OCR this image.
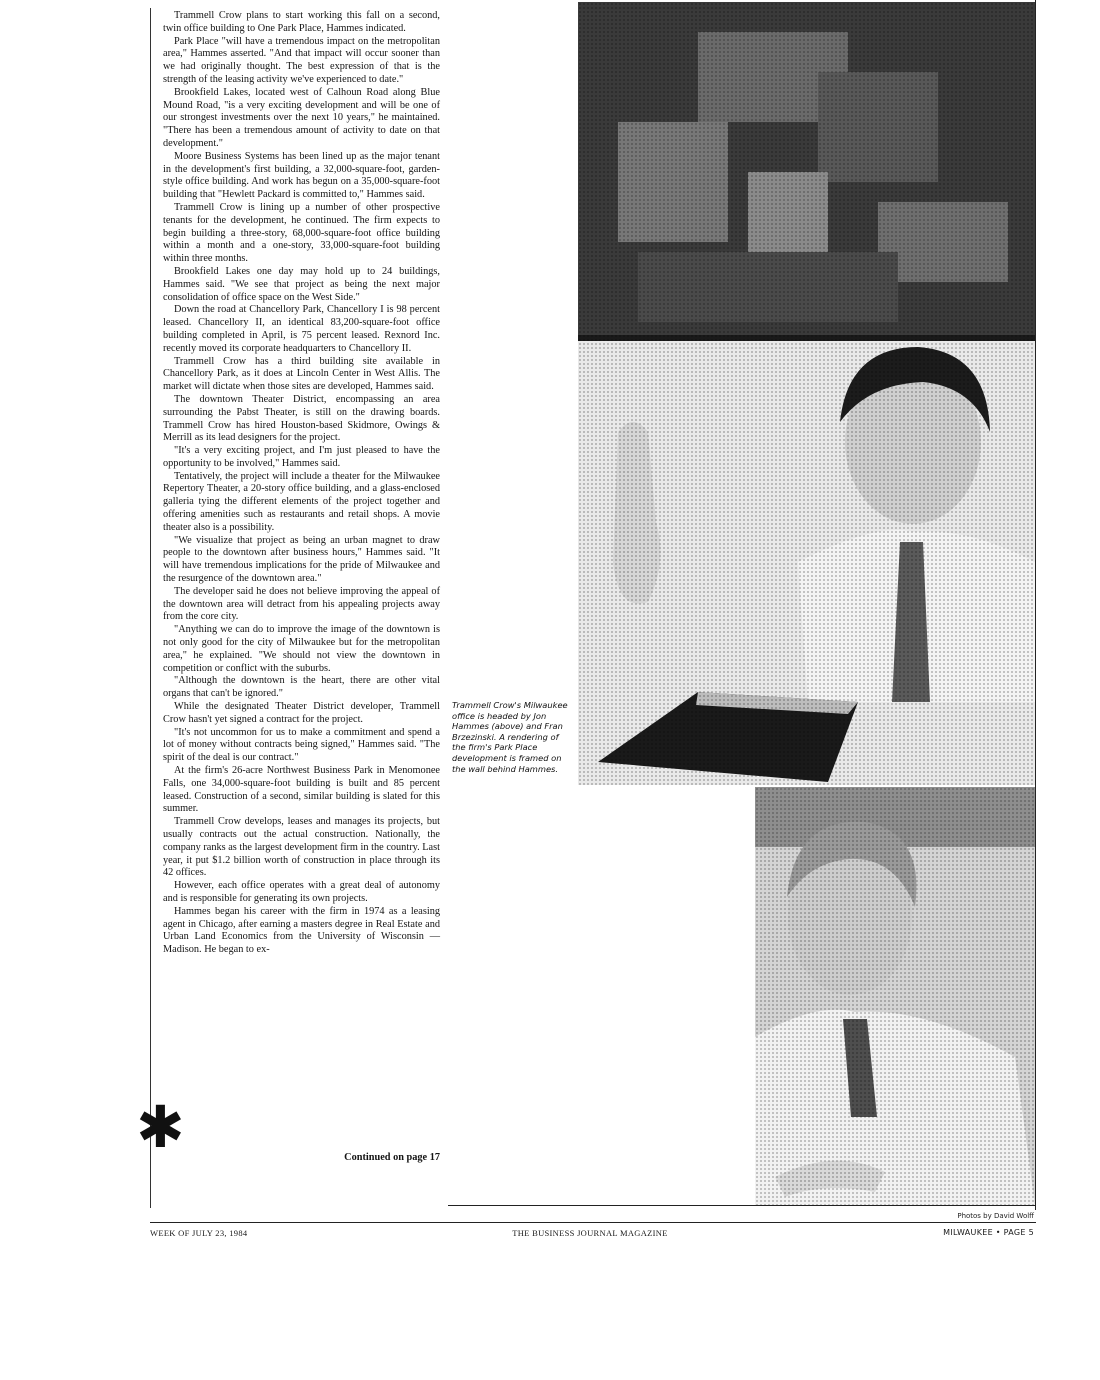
✱

Trammell Crow plans to start working this fall on a second, twin office building to One Park Place, Hammes indicated.

Park Place "will have a tremendous impact on the metropolitan area," Hammes asserted. "And that impact will occur sooner than we had originally thought. The best expression of that is the strength of the leasing activity we've experienced to date."

Brookfield Lakes, located west of Calhoun Road along Blue Mound Road, "is a very exciting development and will be one of our strongest investments over the next 10 years," he maintained. "There has been a tremendous amount of activity to date on that development."

Moore Business Systems has been lined up as the major tenant in the development's first building, a 32,000-square-foot, garden-style office building. And work has begun on a 35,000-square-foot building that "Hewlett Packard is committed to," Hammes said.

Trammell Crow is lining up a number of other prospective tenants for the development, he continued. The firm expects to begin building a three-story, 68,000-square-foot office building within a month and a one-story, 33,000-square-foot building within three months.

Brookfield Lakes one day may hold up to 24 buildings, Hammes said. "We see that project as being the next major consolidation of office space on the West Side."

Down the road at Chancellory Park, Chancellory I is 98 percent leased. Chancellory II, an identical 83,200-square-foot office building completed in April, is 75 percent leased. Rexnord Inc. recently moved its corporate headquarters to Chancellory II.

Trammell Crow has a third building site available in Chancellory Park, as it does at Lincoln Center in West Allis. The market will dictate when those sites are developed, Hammes said.

The downtown Theater District, encompassing an area surrounding the Pabst Theater, is still on the drawing boards. Trammell Crow has hired Houston-based Skidmore, Owings & Merrill as its lead designers for the project.

"It's a very exciting project, and I'm just pleased to have the opportunity to be involved," Hammes said.

Tentatively, the project will include a theater for the Milwaukee Repertory Theater, a 20-story office building, and a glass-enclosed galleria tying the different elements of the project together and offering amenities such as restaurants and retail shops. A movie theater also is a possibility.

"We visualize that project as being an urban magnet to draw people to the downtown after business hours," Hammes said. "It will have tremendous implications for the pride of Milwaukee and the resurgence of the downtown area."

The developer said he does not believe improving the appeal of the downtown area will detract from his appealing projects away from the core city.

"Anything we can do to improve the image of the downtown is not only good for the city of Milwaukee but for the metropolitan area," he explained. "We should not view the downtown in competition or conflict with the suburbs.

"Although the downtown is the heart, there are other vital organs that can't be ignored."

While the designated Theater District developer, Trammell Crow hasn't yet signed a contract for the project.

"It's not uncommon for us to make a commitment and spend a lot of money without contracts being signed," Hammes said. "The spirit of the deal is our contract."

At the firm's 26-acre Northwest Business Park in Menomonee Falls, one 34,000-square-foot building is built and 85 percent leased. Construction of a second, similar building is slated for this summer.

Trammell Crow develops, leases and manages its projects, but usually contracts out the actual construction. Nationally, the company ranks as the largest development firm in the country. Last year, it put $1.2 billion worth of construction in place through its 42 offices.

However, each office operates with a great deal of autonomy and is responsible for generating its own projects.

Hammes began his career with the firm in 1974 as a leasing agent in Chicago, after earning a masters degree in Real Estate and Urban Land Economics from the University of Wisconsin — Madison. He began to ex-

Continued on page 17
Trammell Crow's Milwaukee office is headed by Jon Hammes (above) and Fran Brzezinski. A rendering of the firm's Park Place development is framed on the wall behind Hammes.
Photos by David Wolff
WEEK OF JULY 23, 1984	THE BUSINESS JOURNAL MAGAZINE	MILWAUKEE • PAGE 5
